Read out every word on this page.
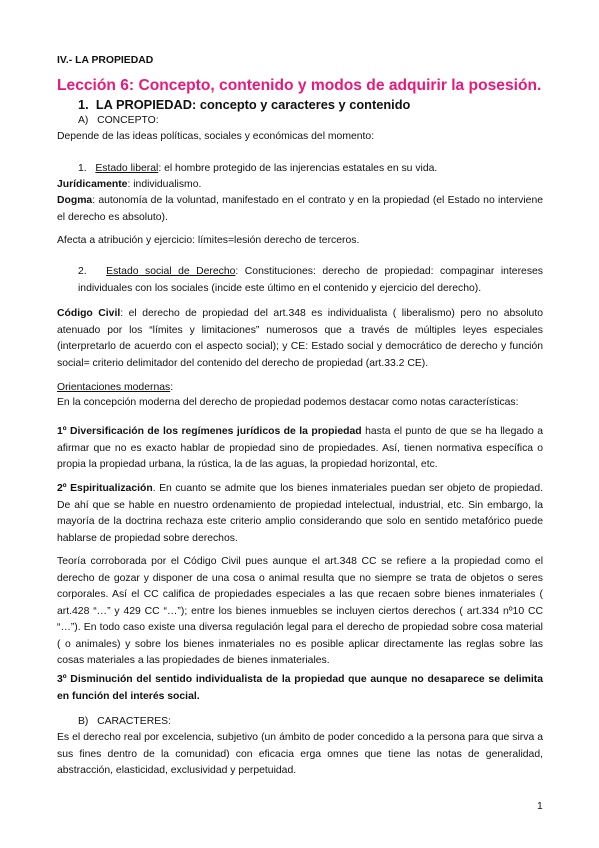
IV.- LA PROPIEDAD

Lección 6: Concepto, contenido y modos de adquirir la posesión.

1. LA PROPIEDAD: concepto y caracteres y contenido

A) CONCEPTO:

Depende de las ideas políticas, sociales y económicas del momento:

1. Estado liberal: el hombre protegido de las injerencias estatales en su vida.

Jurídicamente: individualismo.

Dogma: autonomía de la voluntad, manifestado en el contrato y en la propiedad (el Estado no interviene el derecho es absoluto).

Afecta a atribución y ejercicio: límites=lesión derecho de terceros.

2. Estado social de Derecho: Constituciones: derecho de propiedad: compaginar intereses individuales con los sociales (incide este último en el contenido y ejercicio del derecho).

Código Civil: el derecho de propiedad del art.348 es individualista ( liberalismo) pero no absoluto atenuado por los “límites y limitaciones” numerosos que a través de múltiples leyes especiales (interpretarlo de acuerdo con el aspecto social); y CE: Estado social y democrático de derecho y función social= criterio delimitador del contenido del derecho de propiedad (art.33.2 CE).

Orientaciones modernas:

En la concepción moderna del derecho de propiedad podemos destacar como notas características:

1º Diversificación de los regímenes jurídicos de la propiedad hasta el punto de que se ha llegado a afirmar que no es exacto hablar de propiedad sino de propiedades. Así, tienen normativa específica o propia la propiedad urbana, la rústica, la de las aguas, la propiedad horizontal, etc.

2º Espiritualización. En cuanto se admite que los bienes inmateriales puedan ser objeto de propiedad. De ahí que se hable en nuestro ordenamiento de propiedad intelectual, industrial, etc. Sin embargo, la mayoría de la doctrina rechaza este criterio amplio considerando que solo en sentido metafórico puede hablarse de propiedad sobre derechos.

Teoría corroborada por el Código Civil pues aunque el art.348 CC se refiere a la propiedad como el derecho de gozar y disponer de una cosa o animal resulta que no siempre se trata de objetos o seres corporales. Así el CC califica de propiedades especiales a las que recaen sobre bienes inmateriales ( art.428 “…” y 429 CC “…”); entre los bienes inmuebles se incluyen ciertos derechos ( art.334 nº10 CC “…”). En todo caso existe una diversa regulación legal para el derecho de propiedad sobre cosa material ( o animales) y sobre los bienes inmateriales no es posible aplicar directamente las reglas sobre las cosas materiales a las propiedades de bienes inmateriales.

3º Disminución del sentido individualista de la propiedad que aunque no desaparece se delimita en función del interés social.

B) CARACTERES:

Es el derecho real por excelencia, subjetivo (un ámbito de poder concedido a la persona para que sirva a sus fines dentro de la comunidad) con eficacia erga omnes que tiene las notas de generalidad, abstracción, elasticidad, exclusividad y perpetuidad.

1
